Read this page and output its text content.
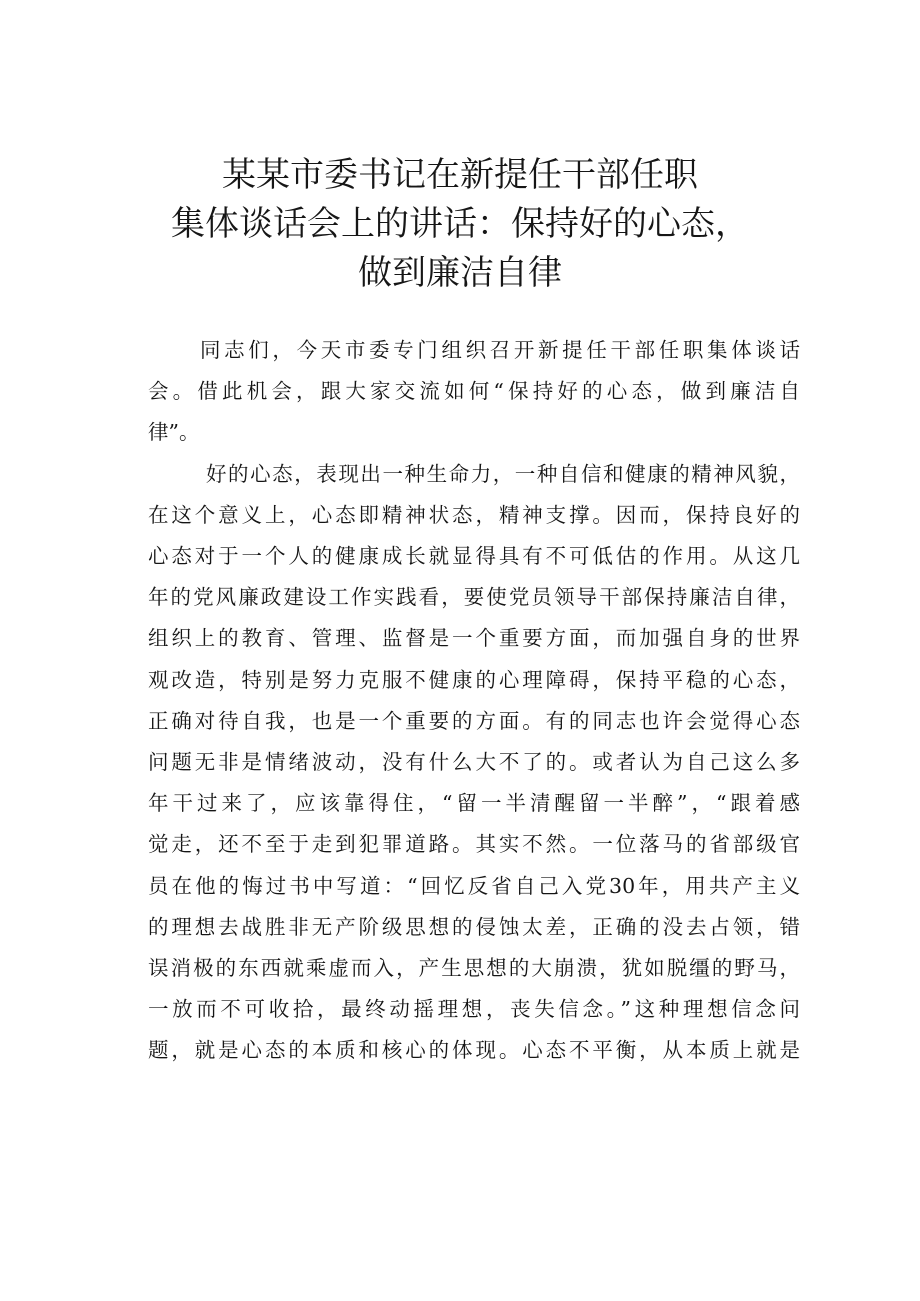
某某市委书记在新提任干部任职
集体谈话会上的讲话：保持好的心态，
做到廉洁自律
同志们，今天市委专门组织召开新提任干部任职集体谈话
会。借此机会，跟大家交流如何“保持好的心态，做到廉洁自
律”。
好的心态，表现出一种生命力，一种自信和健康的精神风貌，
在这个意义上，心态即精神状态，精神支撑。因而，保持良好的
心态对于一个人的健康成长就显得具有不可低估的作用。从这几
年的党风廉政建设工作实践看，要使党员领导干部保持廉洁自律，
组织上的教育、管理、监督是一个重要方面，而加强自身的世界
观改造，特别是努力克服不健康的心理障碍，保持平稳的心态，
正确对待自我，也是一个重要的方面。有的同志也许会觉得心态
问题无非是情绪波动，没有什么大不了的。或者认为自己这么多
年干过来了，应该靠得住，“留一半清醒留一半醉”，“跟着感
觉走，还不至于走到犯罪道路。其实不然。一位落马的省部级官
员在他的悔过书中写道：“回忆反省自己入党30年，用共产主义
的理想去战胜非无产阶级思想的侵蚀太差，正确的没去占领，错
误消极的东西就乘虚而入，产生思想的大崩溃，犹如脱缰的野马，
一放而不可收拾，最终动摇理想，丧失信念。”这种理想信念问
题，就是心态的本质和核心的体现。心态不平衡，从本质上就是
